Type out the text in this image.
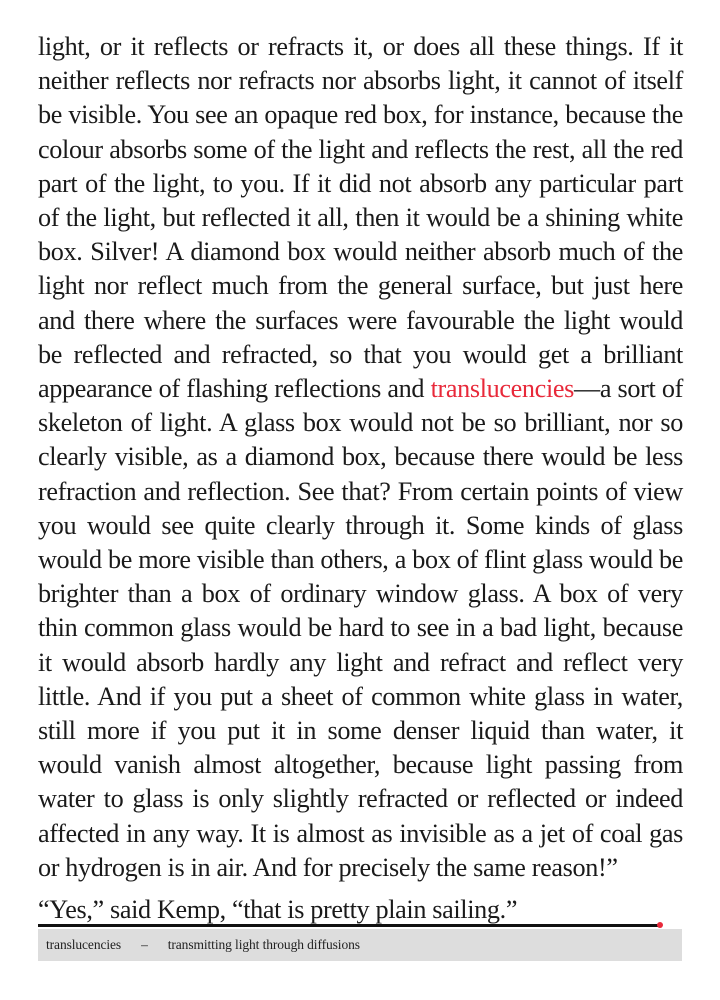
light, or it reflects or refracts it, or does all these things. If it neither reflects nor refracts nor absorbs light, it cannot of itself be visible. You see an opaque red box, for instance, because the colour absorbs some of the light and reflects the rest, all the red part of the light, to you. If it did not absorb any particular part of the light, but reflected it all, then it would be a shining white box. Silver! A diamond box would neither absorb much of the light nor reflect much from the general surface, but just here and there where the surfaces were favourable the light would be reflected and refracted, so that you would get a brilliant appearance of flashing reflections and translucencies—a sort of skeleton of light. A glass box would not be so brilliant, nor so clearly visible, as a diamond box, because there would be less refraction and reflection. See that? From certain points of view you would see quite clearly through it. Some kinds of glass would be more visible than others, a box of flint glass would be brighter than a box of ordinary window glass. A box of very thin common glass would be hard to see in a bad light, because it would absorb hardly any light and refract and reflect very little. And if you put a sheet of common white glass in water, still more if you put it in some denser liquid than water, it would vanish almost altogether, because light passing from water to glass is only slightly refracted or reflected or indeed affected in any way. It is almost as invisible as a jet of coal gas or hydrogen is in air. And for precisely the same reason!”

“Yes,” said Kemp, “that is pretty plain sailing.”

translucencies – transmitting light through diffusions
